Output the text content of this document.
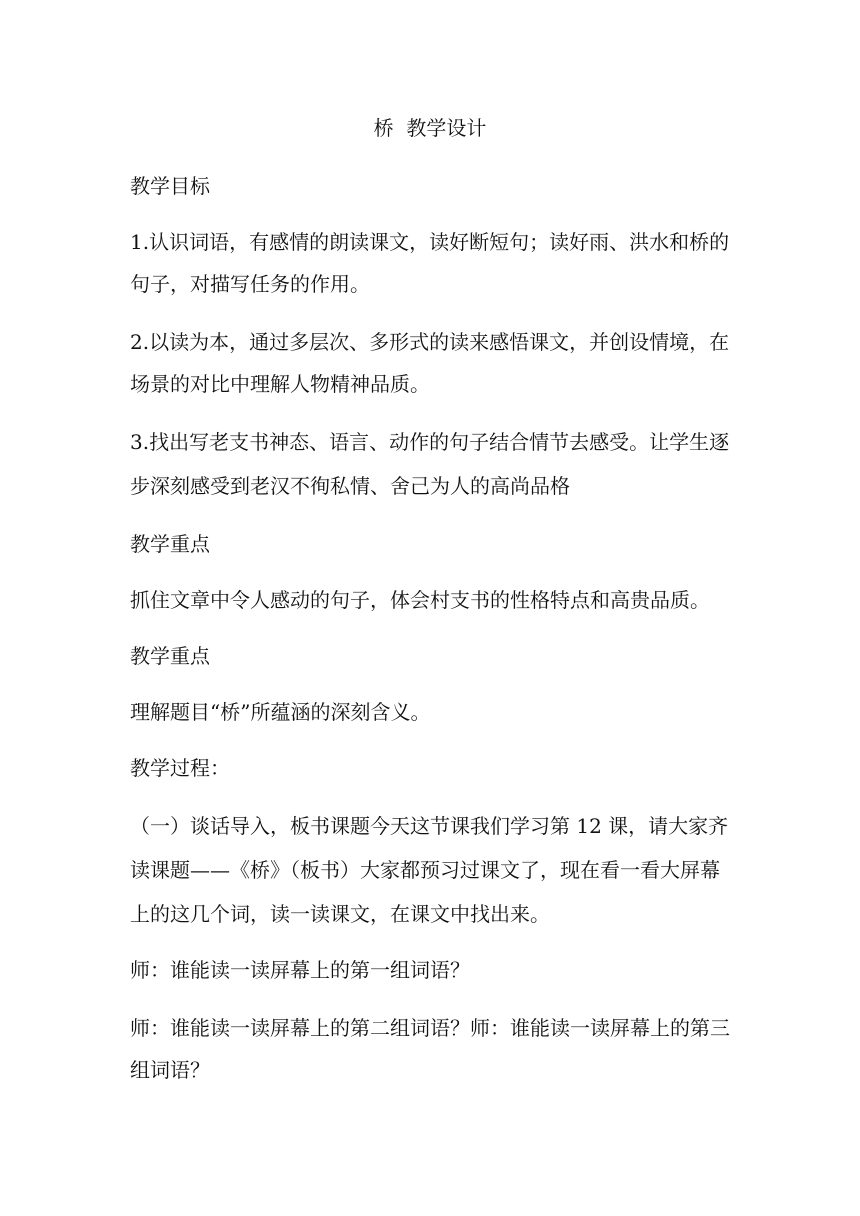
桥  教学设计
教学目标
1.认识词语，有感情的朗读课文，读好断短句；读好雨、洪水和桥的
句子，对描写任务的作用。
2.以读为本，通过多层次、多形式的读来感悟课文，并创设情境，在
场景的对比中理解人物精神品质。
3.找出写老支书神态、语言、动作的句子结合情节去感受。让学生逐
步深刻感受到老汉不徇私情、舍己为人的高尚品格
教学重点
抓住文章中令人感动的句子，体会村支书的性格特点和高贵品质。
教学重点
理解题目“桥”所蕴涵的深刻含义。
教学过程：
（一）谈话导入，板书课题今天这节课我们学习第 12 课，请大家齐
读课题——《桥》（板书）大家都预习过课文了，现在看一看大屏幕
上的这几个词，读一读课文，在课文中找出来。
师：谁能读一读屏幕上的第一组词语？
师：谁能读一读屏幕上的第二组词语？师：谁能读一读屏幕上的第三
组词语？
